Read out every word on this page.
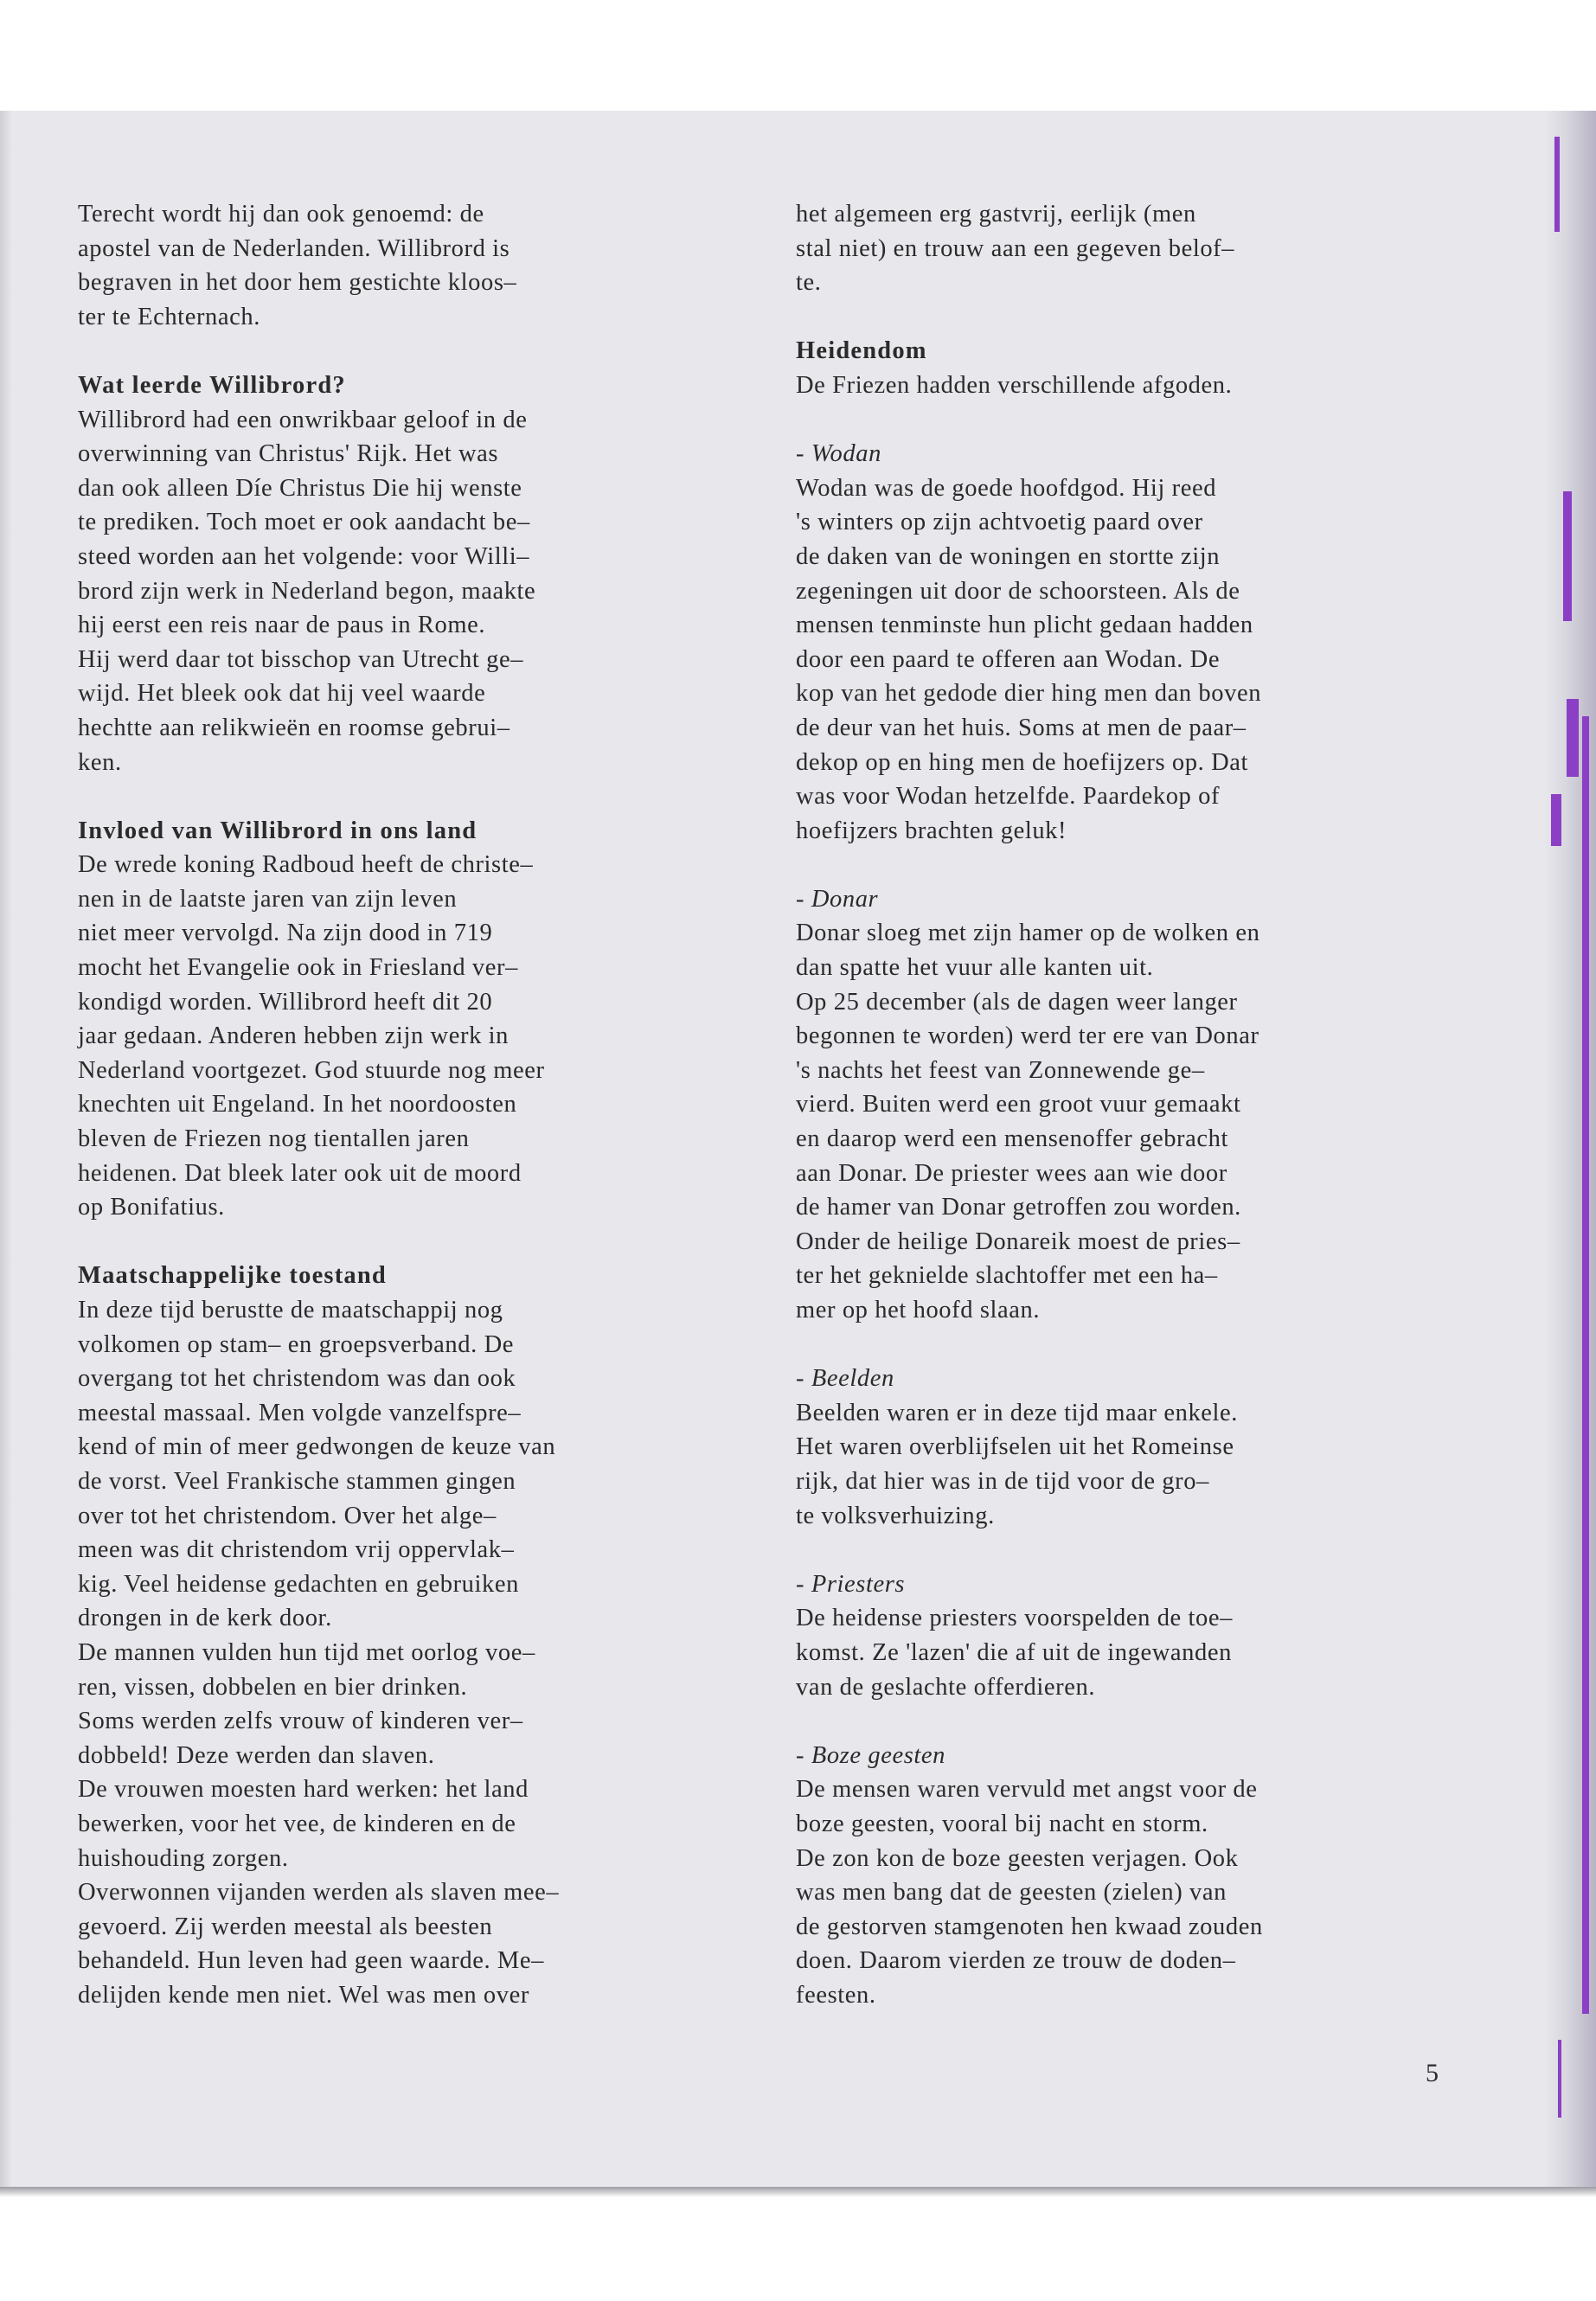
Terecht wordt hij dan ook genoemd: de
apostel van de Nederlanden. Willibrord is
begraven in het door hem gestichte kloos–
ter te Echternach.
Wat leerde Willibrord?
Willibrord had een onwrikbaar geloof in de
overwinning van Christus' Rijk. Het was
dan ook alleen Díe Christus Die hij wenste
te prediken. Toch moet er ook aandacht be–
steed worden aan het volgende: voor Willi–
brord zijn werk in Nederland begon, maakte
hij eerst een reis naar de paus in Rome.
Hij werd daar tot bisschop van Utrecht ge–
wijd. Het bleek ook dat hij veel waarde
hechtte aan relikwieën en roomse gebrui–
ken.
Invloed van Willibrord in ons land
De wrede koning Radboud heeft de christe–
nen in de laatste jaren van zijn leven
niet meer vervolgd. Na zijn dood in 719
mocht het Evangelie ook in Friesland ver–
kondigd worden. Willibrord heeft dit 20
jaar gedaan. Anderen hebben zijn werk in
Nederland voortgezet. God stuurde nog meer
knechten uit Engeland. In het noordoosten
bleven de Friezen nog tientallen jaren
heidenen. Dat bleek later ook uit de moord
op Bonifatius.
Maatschappelijke toestand
In deze tijd berustte de maatschappij nog
volkomen op stam– en groepsverband. De
overgang tot het christendom was dan ook
meestal massaal. Men volgde vanzelfspre–
kend of min of meer gedwongen de keuze van
de vorst. Veel Frankische stammen gingen
over tot het christendom. Over het alge–
meen was dit christendom vrij oppervlak–
kig. Veel heidense gedachten en gebruiken
drongen in de kerk door.
De mannen vulden hun tijd met oorlog voe–
ren, vissen, dobbelen en bier drinken.
Soms werden zelfs vrouw of kinderen ver–
dobbeld! Deze werden dan slaven.
De vrouwen moesten hard werken: het land
bewerken, voor het vee, de kinderen en de
huishouding zorgen.
Overwonnen vijanden werden als slaven mee–
gevoerd. Zij werden meestal als beesten
behandeld. Hun leven had geen waarde. Me–
delijden kende men niet. Wel was men over
het algemeen erg gastvrij, eerlijk (men
stal niet) en trouw aan een gegeven belof–
te.
Heidendom
De Friezen hadden verschillende afgoden.
- Wodan
Wodan was de goede hoofdgod. Hij reed
's winters op zijn achtvoetig paard over
de daken van de woningen en stortte zijn
zegeningen uit door de schoorsteen. Als de
mensen tenminste hun plicht gedaan hadden
door een paard te offeren aan Wodan. De
kop van het gedode dier hing men dan boven
de deur van het huis. Soms at men de paar–
dekop op en hing men de hoefijzers op. Dat
was voor Wodan hetzelfde. Paardekop of
hoefijzers brachten geluk!
- Donar
Donar sloeg met zijn hamer op de wolken en
dan spatte het vuur alle kanten uit.
Op 25 december (als de dagen weer langer
begonnen te worden) werd ter ere van Donar
's nachts het feest van Zonnewende ge–
vierd. Buiten werd een groot vuur gemaakt
en daarop werd een mensenoffer gebracht
aan Donar. De priester wees aan wie door
de hamer van Donar getroffen zou worden.
Onder de heilige Donareik moest de pries–
ter het geknielde slachtoffer met een ha–
mer op het hoofd slaan.
- Beelden
Beelden waren er in deze tijd maar enkele.
Het waren overblijfselen uit het Romeinse
rijk, dat hier was in de tijd voor de gro–
te volksverhuizing.
- Priesters
De heidense priesters voorspelden de toe–
komst. Ze 'lazen' die af uit de ingewanden
van de geslachte offerdieren.
- Boze geesten
De mensen waren vervuld met angst voor de
boze geesten, vooral bij nacht en storm.
De zon kon de boze geesten verjagen. Ook
was men bang dat de geesten (zielen) van
de gestorven stamgenoten hen kwaad zouden
doen. Daarom vierden ze trouw de doden–
feesten.
5
